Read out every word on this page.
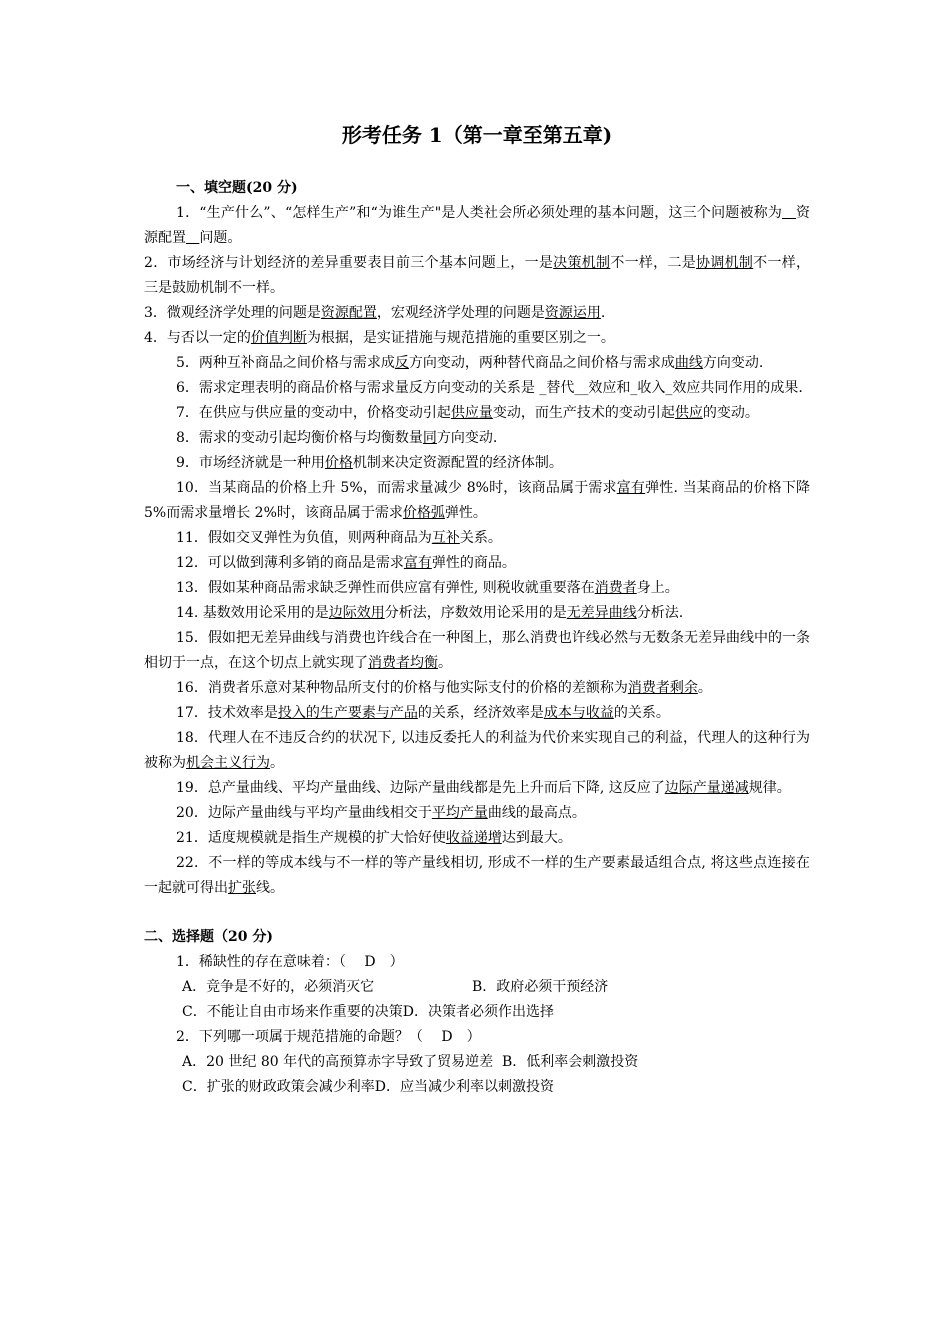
形考任务 1（第一章至第五章)
一、填空题(20 分)
1．“生产什么”、“怎样生产”和“为谁生产"是人类社会所必须处理的基本问题，这三个问题被称为​   资源配置 问题。
2．市场经济与计划经济的差异重要表目前三个基本问题上，一是决策机制不一样，二是协调机制不一样，三是鼓励机制不一样。
3．微观经济学处理的问题是资源配置，宏观经济学处理的问题是资源运用.
4．与否以一定的价值判断为根据，是实证措施与规范措施的重要区别之一。
5．两种互补商品之间价格与需求成反方向变动，两种替代商品之间价格与需求成曲线方向变动.
6．需求定理表明的商品价格与需求量反方向变动的关系是 _替代__效应和_收入_效应共同作用的成果.
7．在供应与供应量的变动中，价格变动引起供应量变动，而生产技术的变动引起供应的变动。
8．需求的变动引起均衡价格与均衡数量同方向变动.
9．市场经济就是一种用价格机制来决定资源配置的经济体制。
10．当某商品的价格上升 5%，而需求量减少 8%时，该商品属于需求富有弹性. 当某商品的价格下降 5%而需求量增长 2%时，该商品属于需求价格弧弹性。
11．假如交叉弹性为负值，则两种商品为互补关系。
12．可以做到薄利多销的商品是需求富有弹性的商品。
13．假如某种商品需求缺乏弹性而供应富有弹性, 则税收就重要落在消费者身上。
14. 基数效用论采用的是边际效用分析法，序数效用论采用的是无差异曲线分析法.
15．假如把无差异曲线与消费也许线合在一种图上，那么消费也许线必然与无数条无差异曲线中的一条相切于一点，在这个切点上就实现了消费者均衡。
16．消费者乐意对某种物品所支付的价格与他实际支付的价格的差额称为消费者剩余。
17．技术效率是投入的生产要素与产品的关系，经济效率是成本与收益的关系。
18．代理人在不违反合约的状况下, 以违反委托人的利益为代价来实现自己的利益，代理人的这种行为被称为机会主义行为。
19．总产量曲线、平均产量曲线、边际产量曲线都是先上升而后下降, 这反应了边际产量递减规律。
20．边际产量曲线与平均产量曲线相交于平均产量曲线的最高点。
21．适度规模就是指生产规模的扩大恰好使收益递增达到最大。
22．不一样的等成本线与不一样的等产量线相切, 形成不一样的生产要素最适组合点, 将这些点连接在一起就可得出扩张线。
二、选择题（20 分)
1．稀缺性的存在意味着：（　 D　）
A．竞争是不好的，必须消灭它	B．政府必须干预经济
C．不能让自由市场来作重要的决策D．决策者必须作出选择
2．下列哪一项属于规范措施的命题？（　 D　）
A．20 世纪 80 年代的高预算赤字导致了贸易逆差 B．低利率会刺激投资
C．扩张的财政政策会减少利率D．应当减少利率以刺激投资
